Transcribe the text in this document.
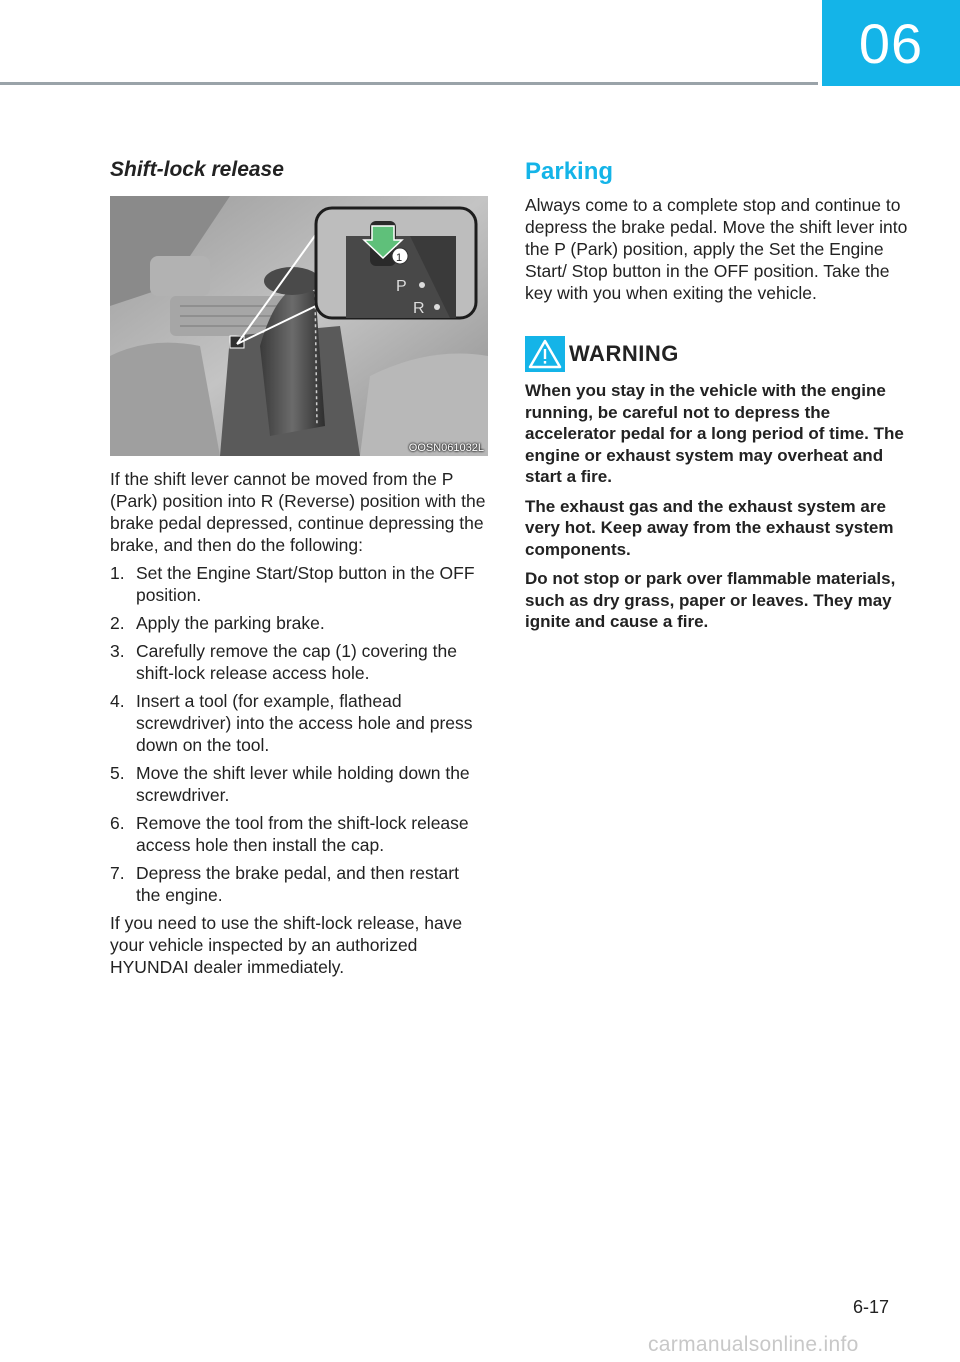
06
Shift-lock release
1
P
R
OOSN061032L

If the shift lever cannot be moved from the P (Park) position into R (Reverse) position with the brake pedal depressed, continue depressing the brake, and then do the following:

1. Set the Engine Start/Stop button in the OFF position.
2. Apply the parking brake.
3. Carefully remove the cap (1) covering the shift-lock release access hole.
4. Insert a tool (for example, flathead screwdriver) into the access hole and press down on the tool.
5. Move the shift lever while holding down the screwdriver.
6. Remove the tool from the shift-lock release access hole then install the cap.
7. Depress the brake pedal, and then restart the engine.

If you need to use the shift-lock release, have your vehicle inspected by an authorized HYUNDAI dealer immediately.

Parking

Always come to a complete stop and continue to depress the brake pedal. Move the shift lever into the P (Park) position, apply the Set the Engine Start/ Stop button in the OFF position. Take the key with you when exiting the vehicle.

WARNING

When you stay in the vehicle with the engine running, be careful not to depress the accelerator pedal for a long period of time. The engine or exhaust system may overheat and start a fire.

The exhaust gas and the exhaust system are very hot. Keep away from the exhaust system components.

Do not stop or park over flammable materials, such as dry grass, paper or leaves. They may ignite and cause a fire.

6-17
carmanualsonline.info
